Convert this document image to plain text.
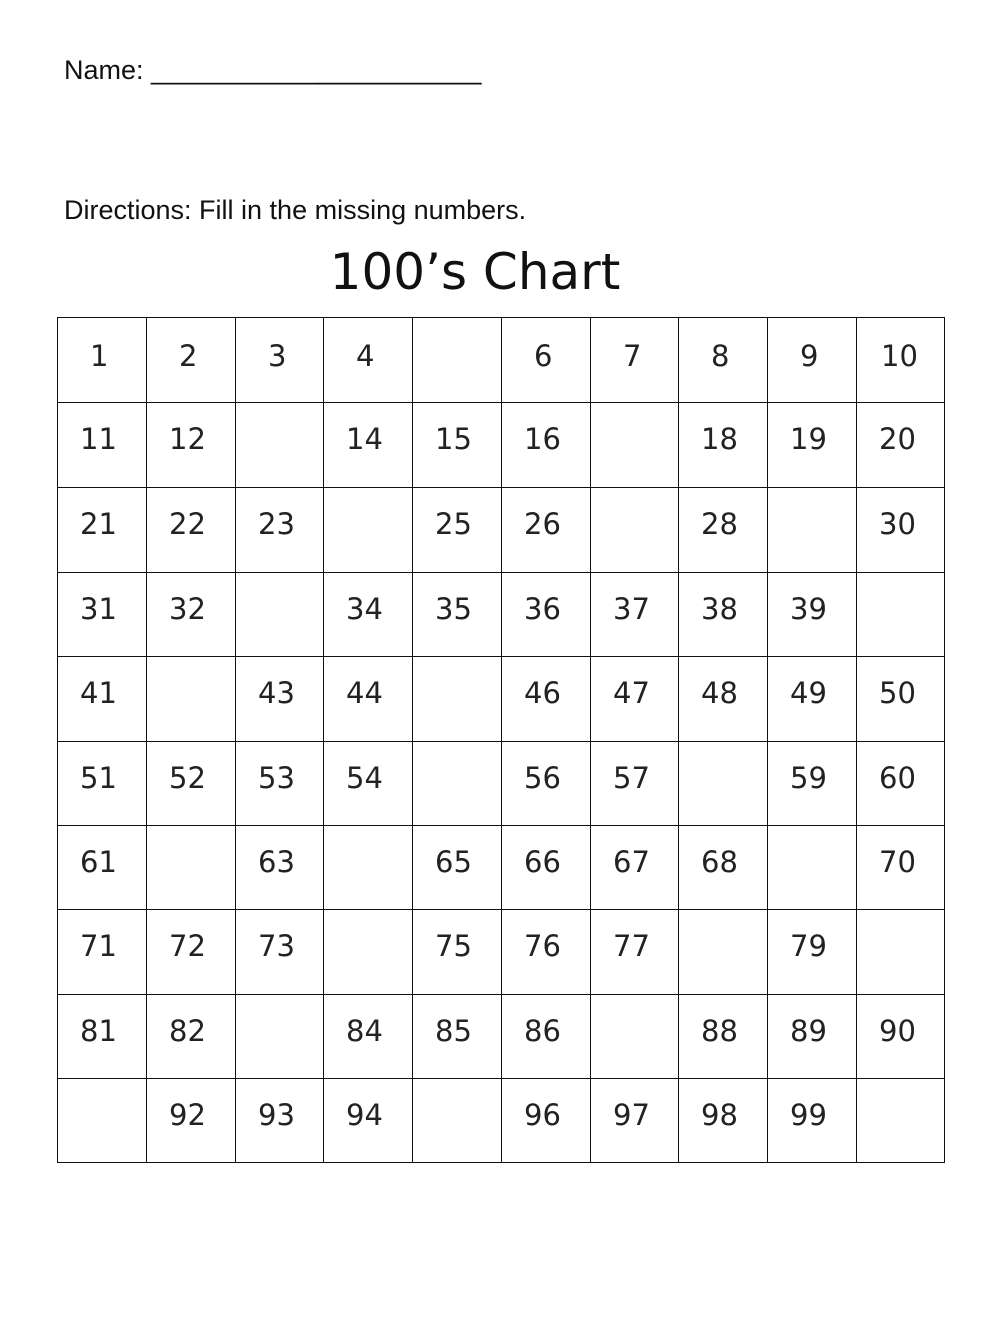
Name: ______________________
Directions: Fill in the missing numbers.
100’s Chart
1	2	3	4		6	7	8	9	10

11	12		14	15	16		18	19	20

21	22	23		25	26		28		30

31	32		34	35	36	37	38	39	

41		43	44		46	47	48	49	50

51	52	53	54		56	57		59	60

61		63		65	66	67	68		70

71	72	73		75	76	77		79	

81	82		84	85	86		88	89	90

	92	93	94		96	97	98	99	
